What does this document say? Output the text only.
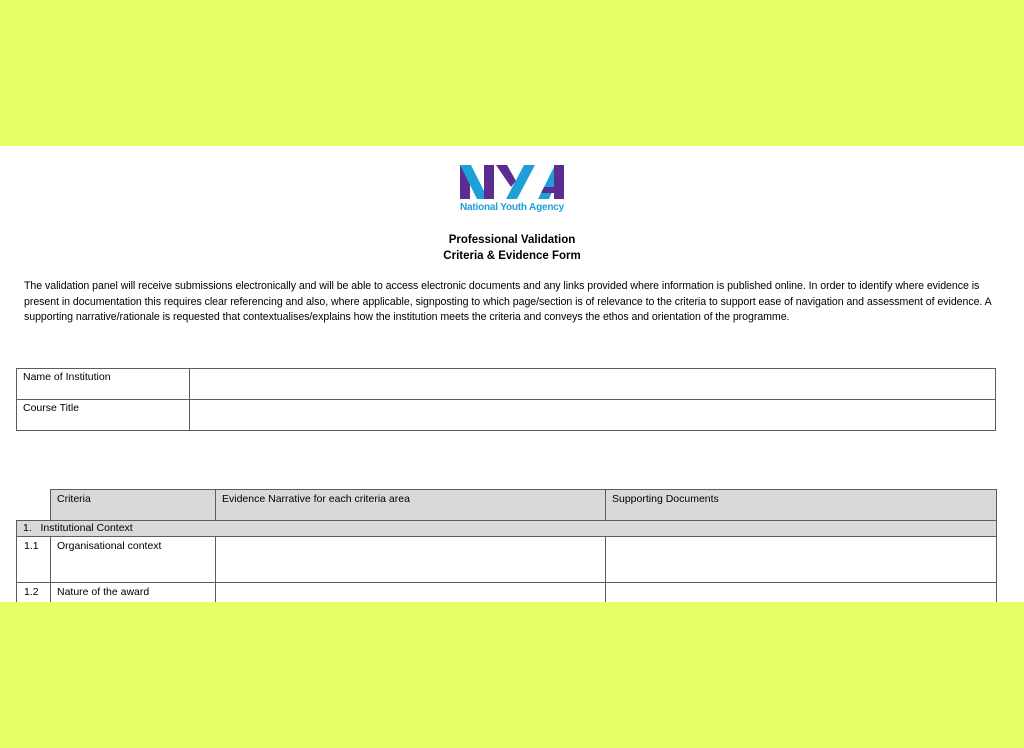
National Youth Agency
Professional Validation
Criteria & Evidence Form

The validation panel will receive submissions electronically and will be able to access electronic documents and any links provided where information is published online. In order to identify where evidence is present in documentation this requires clear referencing and also, where applicable, signposting to which page/section is of relevance to the criteria to support ease of navigation and assessment of evidence. A supporting narrative/rationale is requested that contextualises/explains how the institution meets the criteria and conveys the ethos and orientation of the programme.

Name of Institution	
Course Title	
	Criteria	Evidence Narrative for each criteria area	Supporting Documents
1.   Institutional Context			
1.1	Organisational context		
1.2	Nature of the award		
